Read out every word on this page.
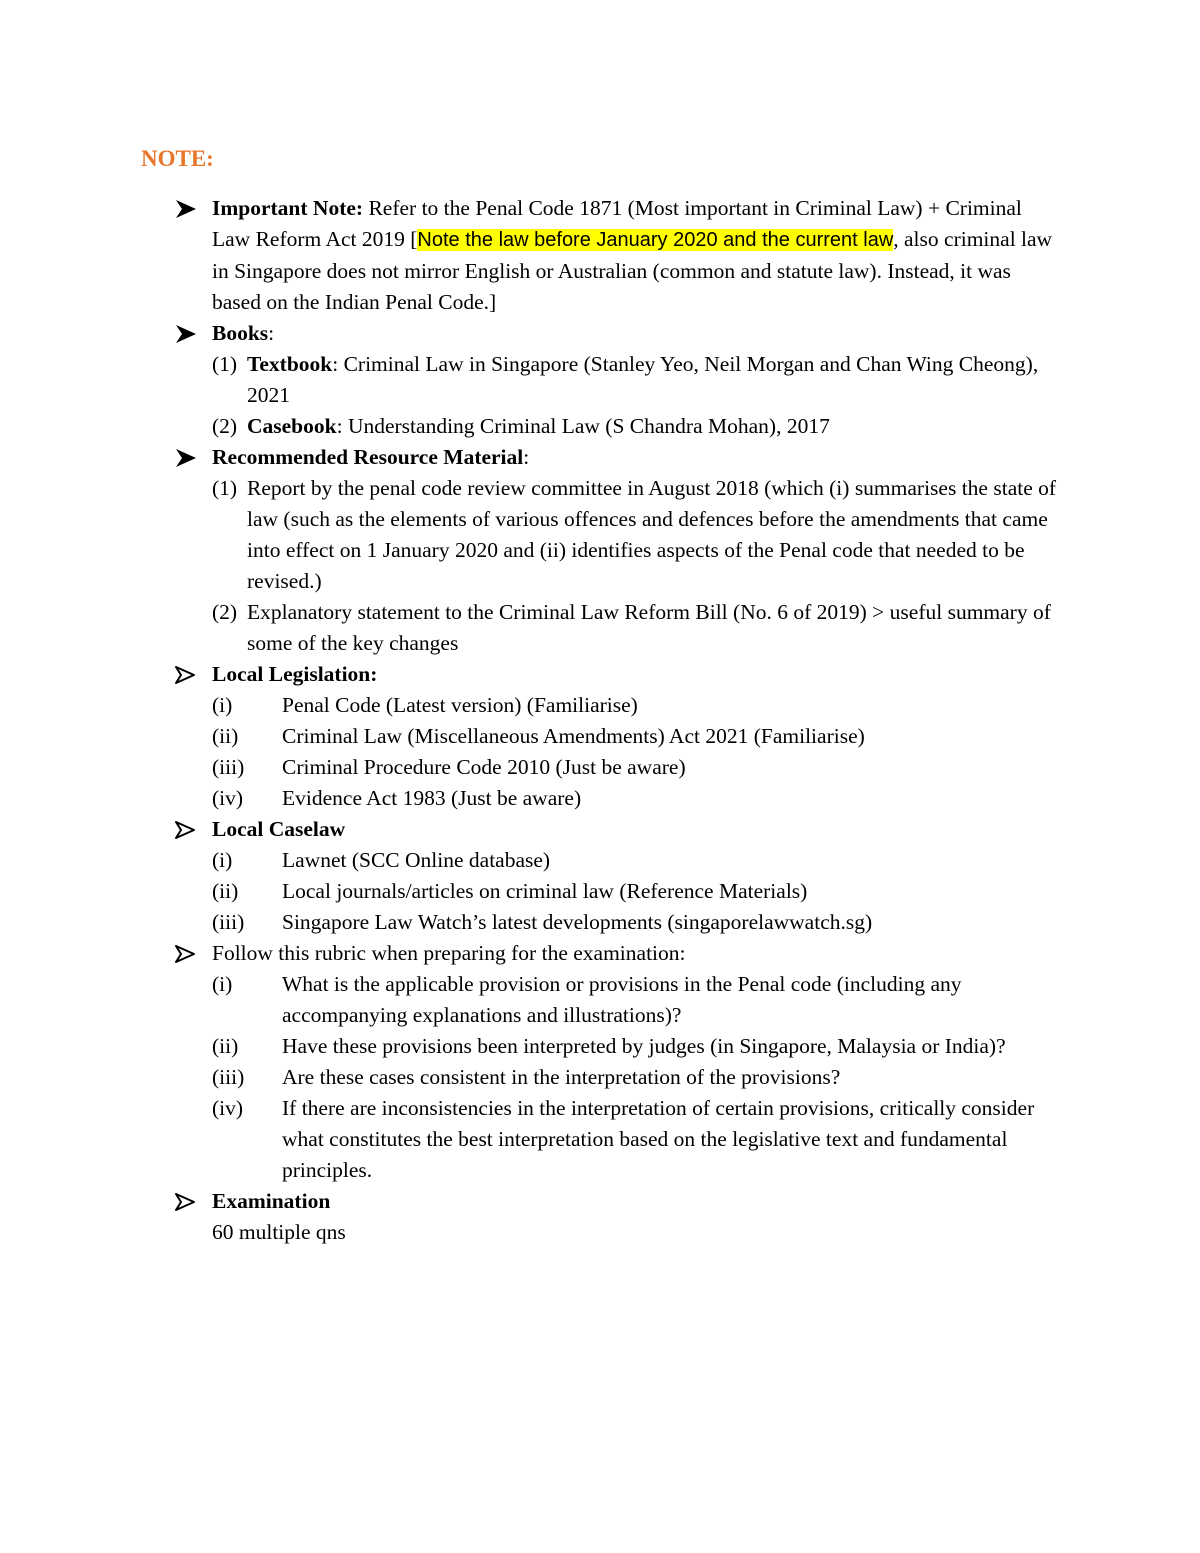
NOTE:
Important Note: Refer to the Penal Code 1871 (Most important in Criminal Law) + Criminal Law Reform Act 2019 [Note the law before January 2020 and the current law, also criminal law in Singapore does not mirror English or Australian (common and statute law). Instead, it was based on the Indian Penal Code.]
Books:
(1) Textbook: Criminal Law in Singapore (Stanley Yeo, Neil Morgan and Chan Wing Cheong), 2021
(2) Casebook: Understanding Criminal Law (S Chandra Mohan), 2017
Recommended Resource Material:
(1) Report by the penal code review committee in August 2018 (which (i) summarises the state of law (such as the elements of various offences and defences before the amendments that came into effect on 1 January 2020 and (ii) identifies aspects of the Penal code that needed to be revised.)
(2) Explanatory statement to the Criminal Law Reform Bill (No. 6 of 2019) > useful summary of some of the key changes
Local Legislation:
(i) Penal Code (Latest version) (Familiarise)
(ii) Criminal Law (Miscellaneous Amendments) Act 2021 (Familiarise)
(iii) Criminal Procedure Code 2010 (Just be aware)
(iv) Evidence Act 1983 (Just be aware)
Local Caselaw
(i) Lawnet (SCC Online database)
(ii) Local journals/articles on criminal law (Reference Materials)
(iii) Singapore Law Watch’s latest developments (singaporelawwatch.sg)
Follow this rubric when preparing for the examination:
(i) What is the applicable provision or provisions in the Penal code (including any accompanying explanations and illustrations)?
(ii) Have these provisions been interpreted by judges (in Singapore, Malaysia or India)?
(iii) Are these cases consistent in the interpretation of the provisions?
(iv) If there are inconsistencies in the interpretation of certain provisions, critically consider what constitutes the best interpretation based on the legislative text and fundamental principles.
Examination
60 multiple qns
